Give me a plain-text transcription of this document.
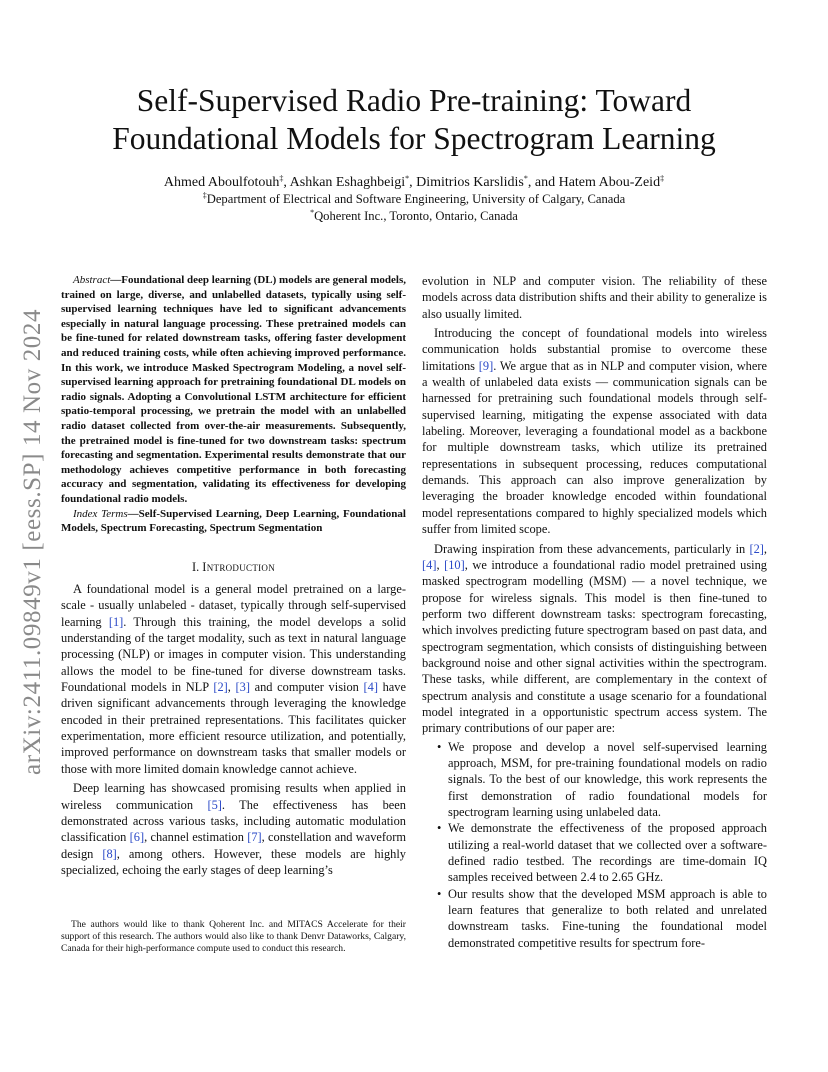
arXiv:2411.09849v1 [eess.SP] 14 Nov 2024
Self-Supervised Radio Pre-training: Toward
Foundational Models for Spectrogram Learning
Ahmed Aboulfotouh‡, Ashkan Eshaghbeigi*, Dimitrios Karslidis*, and Hatem Abou-Zeid‡
‡Department of Electrical and Software Engineering, University of Calgary, Canada
*Qoherent Inc., Toronto, Ontario, Canada

Abstract—Foundational deep learning (DL) models are general models, trained on large, diverse, and unlabelled datasets, typically using self-supervised learning techniques have led to significant advancements especially in natural language processing. These pretrained models can be fine-tuned for related downstream tasks, offering faster development and reduced training costs, while often achieving improved performance. In this work, we introduce Masked Spectrogram Modeling, a novel self-supervised learning approach for pretraining foundational DL models on radio signals. Adopting a Convolutional LSTM architecture for efficient spatio-temporal processing, we pretrain the model with an unlabelled radio dataset collected from over-the-air measurements. Subsequently, the pretrained model is fine-tuned for two downstream tasks: spectrum forecasting and segmentation. Experimental results demonstrate that our methodology achieves competitive performance in both forecasting accuracy and segmentation, validating its effectiveness for developing foundational radio models.

Index Terms—Self-Supervised Learning, Deep Learning, Foundational Models, Spectrum Forecasting, Spectrum Segmentation

I. Introduction

A foundational model is a general model pretrained on a large-scale - usually unlabeled - dataset, typically through self-supervised learning [1]. Through this training, the model develops a solid understanding of the target modality, such as text in natural language processing (NLP) or images in computer vision. This understanding allows the model to be fine-tuned for diverse downstream tasks. Foundational models in NLP [2], [3] and computer vision [4] have driven significant advancements through leveraging the knowledge encoded in their pretrained representations. This facilitates quicker experimentation, more efficient resource utilization, and potentially, improved performance on downstream tasks that smaller models or those with more limited domain knowledge cannot achieve.

Deep learning has showcased promising results when applied in wireless communication [5]. The effectiveness has been demonstrated across various tasks, including automatic modulation classification [6], channel estimation [7], constellation and waveform design [8], among others. However, these models are highly specialized, echoing the early stages of deep learning’s

The authors would like to thank Qoherent Inc. and MITACS Accelerate for their support of this research. The authors would also like to thank Denvr Dataworks, Calgary, Canada for their high-performance compute used to conduct this research.

evolution in NLP and computer vision. The reliability of these models across data distribution shifts and their ability to generalize is also usually limited.

Introducing the concept of foundational models into wireless communication holds substantial promise to overcome these limitations [9]. We argue that as in NLP and computer vision, where a wealth of unlabeled data exists — communication signals can be harnessed for pretraining such foundational models through self-supervised learning, mitigating the expense associated with data labeling. Moreover, leveraging a foundational model as a backbone for multiple downstream tasks, which utilize its pretrained representations in subsequent processing, reduces computational demands. This approach can also improve generalization by leveraging the broader knowledge encoded within foundational model representations compared to highly specialized models which suffer from limited scope.

Drawing inspiration from these advancements, particularly in [2], [4], [10], we introduce a foundational radio model pretrained using masked spectrogram modelling (MSM) — a novel technique, we propose for wireless signals. This model is then fine-tuned to perform two different downstream tasks: spectrogram forecasting, which involves predicting future spectrogram based on past data, and spectrogram segmentation, which consists of distinguishing between background noise and other signal activities within the spectrogram. These tasks, while different, are complementary in the context of spectrum analysis and constitute a usage scenario for a foundational model integrated in a opportunistic spectrum access system. The primary contributions of our paper are:

• We propose and develop a novel self-supervised learning approach, MSM, for pre-training foundational models on radio signals. To the best of our knowledge, this work represents the first demonstration of radio foundational models for spectrogram learning using unlabeled data.
• We demonstrate the effectiveness of the proposed approach utilizing a real-world dataset that we collected over a software-defined radio testbed. The recordings are time-domain IQ samples received between 2.4 to 2.65 GHz.
• Our results show that the developed MSM approach is able to learn features that generalize to both related and unrelated downstream tasks. Fine-tuning the foundational model demonstrated competitive results for spectrum fore-
